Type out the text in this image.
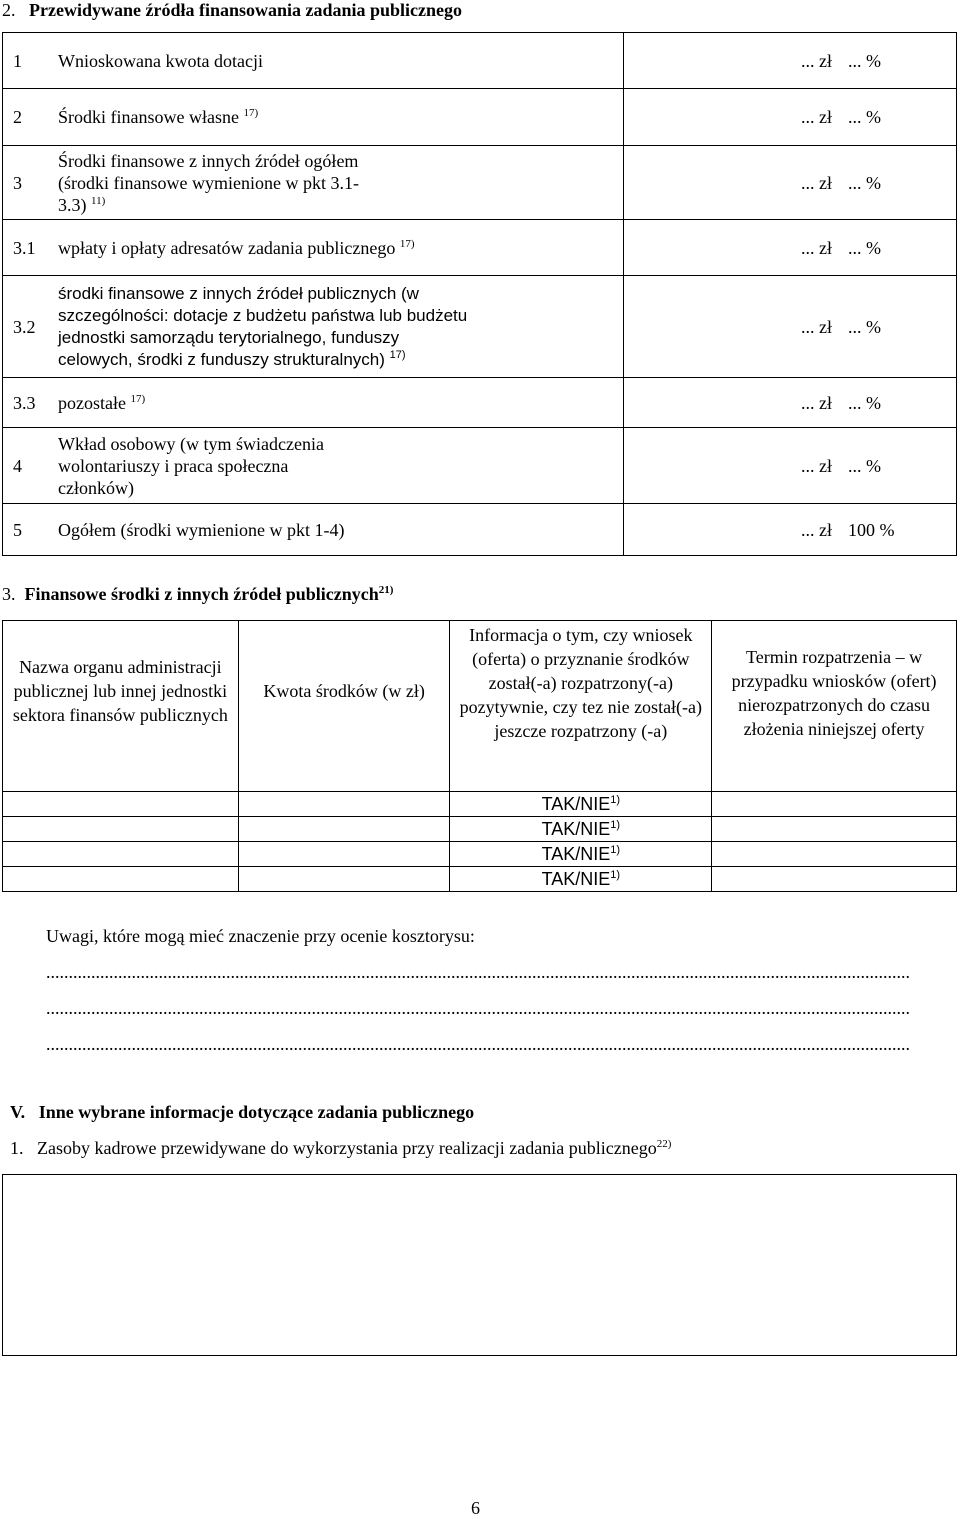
2. Przewidywane źródła finansowania zadania publicznego
1	Wnioskowana kwota dotacji	... zł	... %
2	Środki finansowe własne $^{17)}$	... zł	... %
3	Środki finansowe z innych źródeł ogółem (środki finansowe wymienione w pkt 3.1-3.3) $^{11)}$	... zł	... %
3.1	wpłaty i opłaty adresatów zadania publicznego $^{17)}$	... zł	... %
3.2	środki finansowe z innych źródeł publicznych (w szczególności: dotacje z budżetu państwa lub budżetu jednostki samorządu terytorialnego, funduszy celowych, środki z funduszy strukturalnych) $^{17)}$	... zł	... %
3.3	pozostałe $^{17)}$	... zł	... %
4	Wkład osobowy (w tym świadczenia wolontariuszy i praca społeczna członków)	... zł	... %
5	Ogółem (środki wymienione w pkt 1-4)	... zł	100 %
3. Finansowe środki z innych źródeł publicznych$^{21)}$
Nazwa organu administracji publicznej lub innej jednostki sektora finansów publicznych	Kwota środków (w zł)	Informacja o tym, czy wniosek (oferta) o przyznanie środków został(-a) rozpatrzony(-a) pozytywnie, czy tez nie został(-a) jeszcze rozpatrzony (-a)	Termin rozpatrzenia – w przypadku wniosków (ofert) nierozpatrzonych do czasu złożenia niniejszej oferty
		TAK/NIE$^{1)}$	
		TAK/NIE$^{1)}$	
		TAK/NIE$^{1)}$	
		TAK/NIE$^{1)}$	
Uwagi, które mogą mieć znaczenie przy ocenie kosztorysu:
................................................................................................................................................................................................
................................................................................................................................................................................................
................................................................................................................................................................................................
V. Inne wybrane informacje dotyczące zadania publicznego
1. Zasoby kadrowe przewidywane do wykorzystania przy realizacji zadania publicznego$^{22)}$
6
